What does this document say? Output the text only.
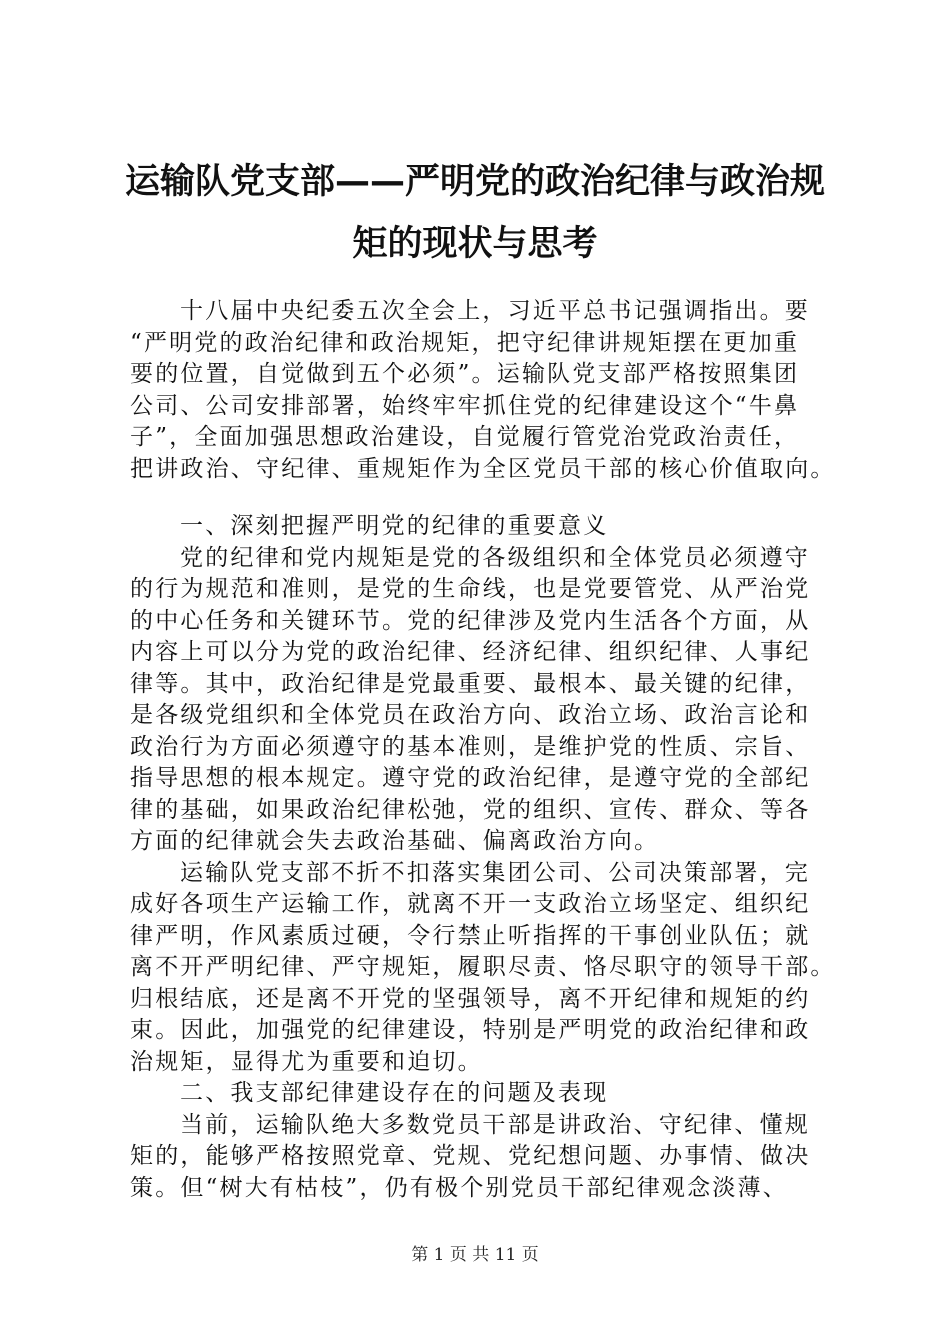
运输队党支部——严明党的政治纪律与政治规
矩的现状与思考
十八届中央纪委五次全会上，习近平总书记强调指出。要
“严明党的政治纪律和政治规矩，把守纪律讲规矩摆在更加重
要的位置，自觉做到五个必须”。运输队党支部严格按照集团
公司、公司安排部署，始终牢牢抓住党的纪律建设这个“牛鼻
子”，全面加强思想政治建设，自觉履行管党治党政治责任，
把讲政治、守纪律、重规矩作为全区党员干部的核心价值取向。
一、深刻把握严明党的纪律的重要意义
党的纪律和党内规矩是党的各级组织和全体党员必须遵守
的行为规范和准则，是党的生命线，也是党要管党、从严治党
的中心任务和关键环节。党的纪律涉及党内生活各个方面，从
内容上可以分为党的政治纪律、经济纪律、组织纪律、人事纪
律等。其中，政治纪律是党最重要、最根本、最关键的纪律，
是各级党组织和全体党员在政治方向、政治立场、政治言论和
政治行为方面必须遵守的基本准则，是维护党的性质、宗旨、
指导思想的根本规定。遵守党的政治纪律，是遵守党的全部纪
律的基础，如果政治纪律松弛，党的组织、宣传、群众、等各
方面的纪律就会失去政治基础、偏离政治方向。
运输队党支部不折不扣落实集团公司、公司决策部署，完
成好各项生产运输工作，就离不开一支政治立场坚定、组织纪
律严明，作风素质过硬，令行禁止听指挥的干事创业队伍；就
离不开严明纪律、严守规矩，履职尽责、恪尽职守的领导干部。
归根结底，还是离不开党的坚强领导，离不开纪律和规矩的约
束。因此，加强党的纪律建设，特别是严明党的政治纪律和政
治规矩，显得尤为重要和迫切。
二、我支部纪律建设存在的问题及表现
当前，运输队绝大多数党员干部是讲政治、守纪律、懂规
矩的，能够严格按照党章、党规、党纪想问题、办事情、做决
策。但“树大有枯枝”，仍有极个别党员干部纪律观念淡薄、
第 1 页 共 11 页
